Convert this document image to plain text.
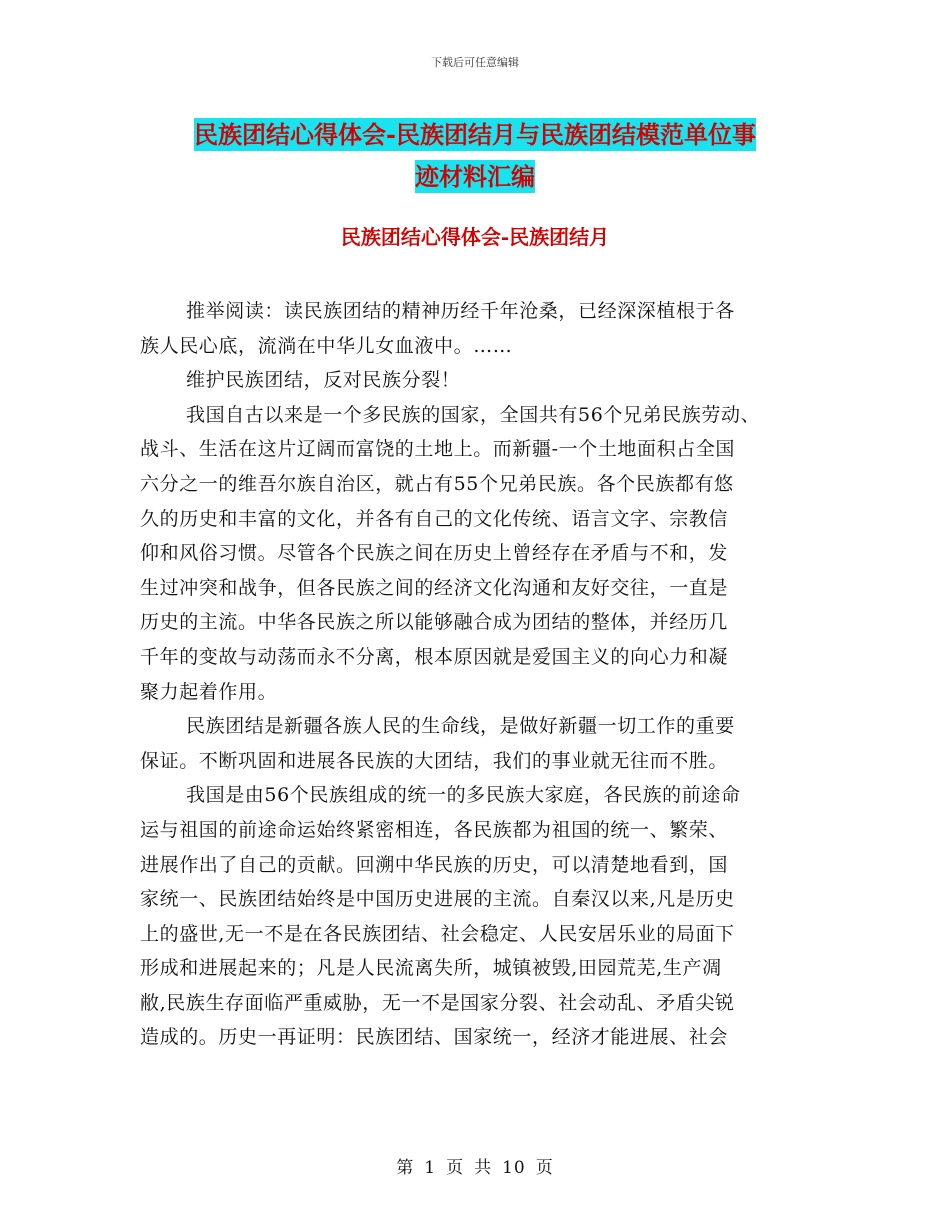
下载后可任意编辑
民族团结心得体会-民族团结月与民族团结模范单位事
迹材料汇编
民族团结心得体会-民族团结月
推举阅读：读民族团结的精神历经千年沧桑，已经深深植根于各
族人民心底，流淌在中华儿女血液中。……
维护民族团结，反对民族分裂！
我国自古以来是一个多民族的国家，全国共有56个兄弟民族劳动、
战斗、生活在这片辽阔而富饶的土地上。而新疆-一个土地面积占全国
六分之一的维吾尔族自治区，就占有55个兄弟民族。各个民族都有悠
久的历史和丰富的文化，并各有自己的文化传统、语言文字、宗教信
仰和风俗习惯。尽管各个民族之间在历史上曾经存在矛盾与不和，发
生过冲突和战争，但各民族之间的经济文化沟通和友好交往，一直是
历史的主流。中华各民族之所以能够融合成为团结的整体，并经历几
千年的变故与动荡而永不分离，根本原因就是爱国主义的向心力和凝
聚力起着作用。
民族团结是新疆各族人民的生命线，是做好新疆一切工作的重要
保证。不断巩固和进展各民族的大团结，我们的事业就无往而不胜。
我国是由56个民族组成的统一的多民族大家庭，各民族的前途命
运与祖国的前途命运始终紧密相连，各民族都为祖国的统一、繁荣、
进展作出了自己的贡献。回溯中华民族的历史，可以清楚地看到，国
家统一、民族团结始终是中国历史进展的主流。自秦汉以来,凡是历史
上的盛世,无一不是在各民族团结、社会稳定、人民安居乐业的局面下
形成和进展起来的；凡是人民流离失所，城镇被毁,田园荒芜,生产凋
敝,民族生存面临严重威胁，无一不是国家分裂、社会动乱、矛盾尖锐
造成的。历史一再证明：民族团结、国家统一，经济才能进展、社会
第 1 页 共 10 页
